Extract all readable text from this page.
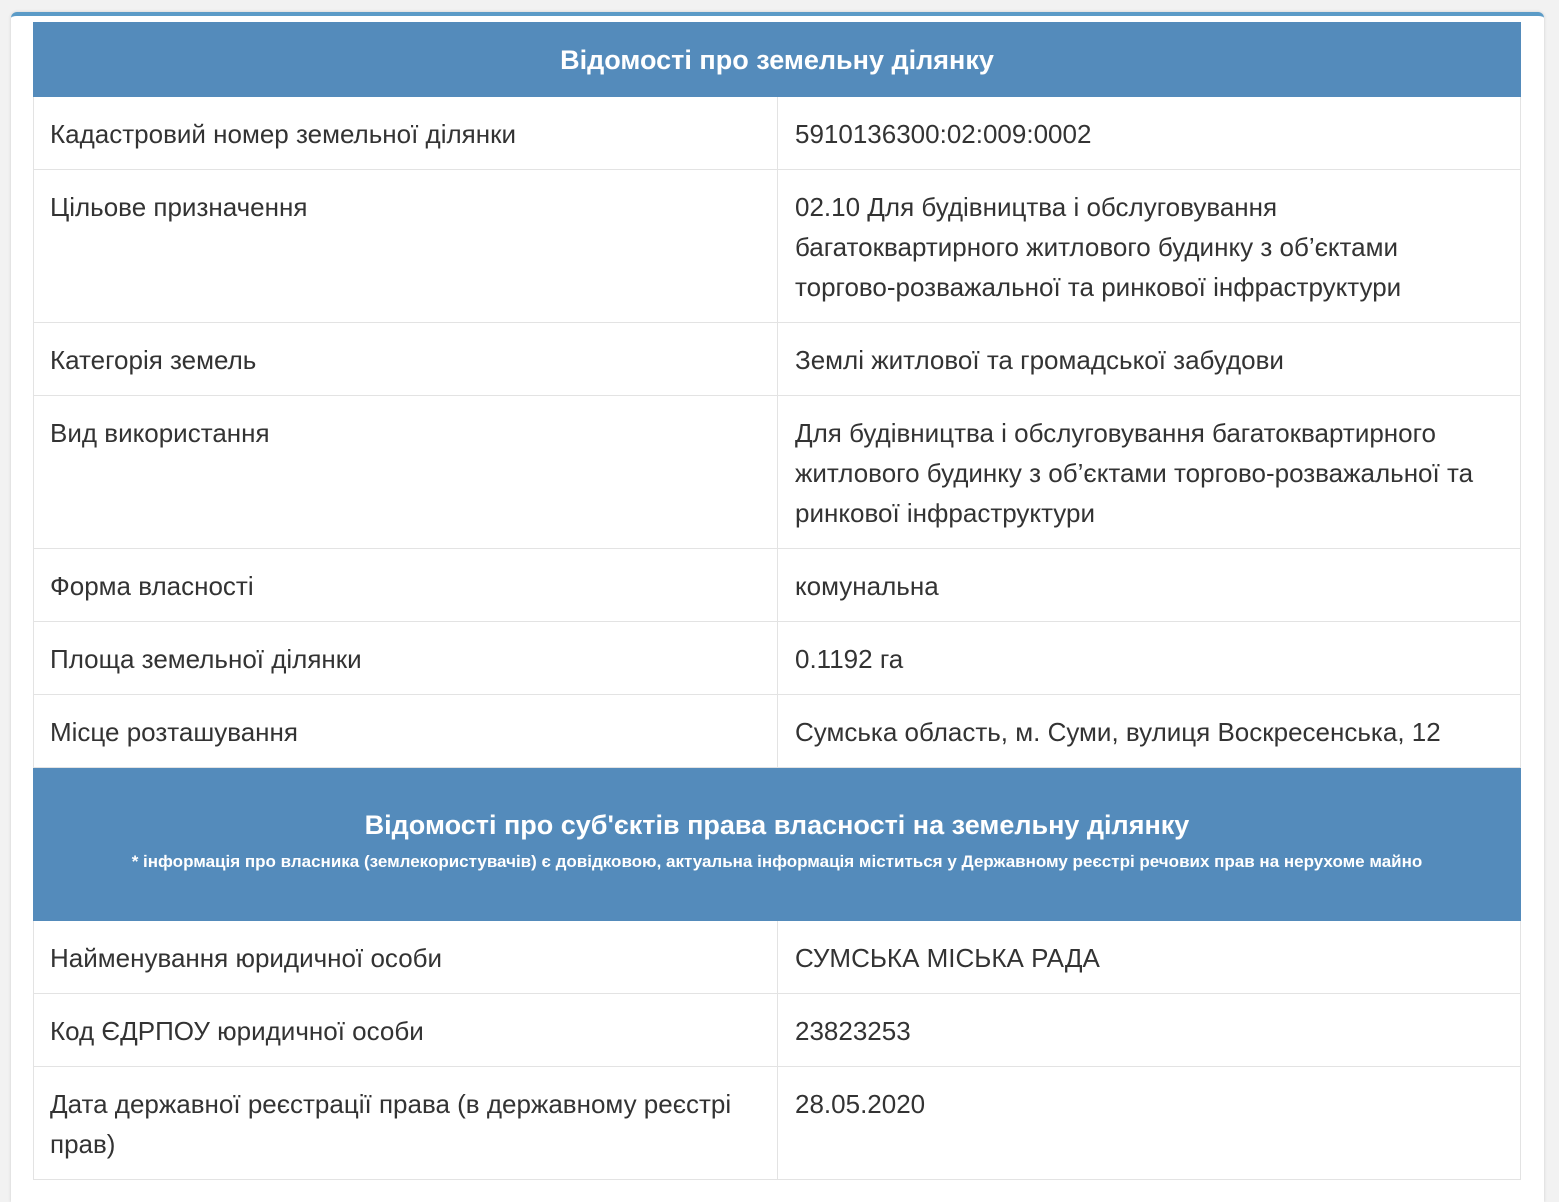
Відомості про земельну ділянку	
Кадастровий номер земельної ділянки	5910136300:02:009:0002
Цільове призначення	02.10 Для будівництва і обслуговування багатоквартирного житлового будинку з об’єктами торгово-розважальної та ринкової інфраструктури
Категорія земель	Землі житлової та громадської забудови
Вид використання	Для будівництва і обслуговування багатоквартирного житлового будинку з об’єктами торгово-розважальної та ринкової інфраструктури
Форма власності	комунальна
Площа земельної ділянки	0.1192 га
Місце розташування	Сумська область, м. Суми, вулиця Воскресенська, 12
Відомості про суб'єктів права власності на земельну ділянку
* інформація про власника (землекористувачів) є довідковою, актуальна інформація міститься у Державному реєстрі речових прав на нерухоме майно	

Найменування юридичної особи	СУМСЬКА МІСЬКА РАДА
Код ЄДРПОУ юридичної особи	23823253
Дата державної реєстрації права (в державному реєстрі прав)	28.05.2020
